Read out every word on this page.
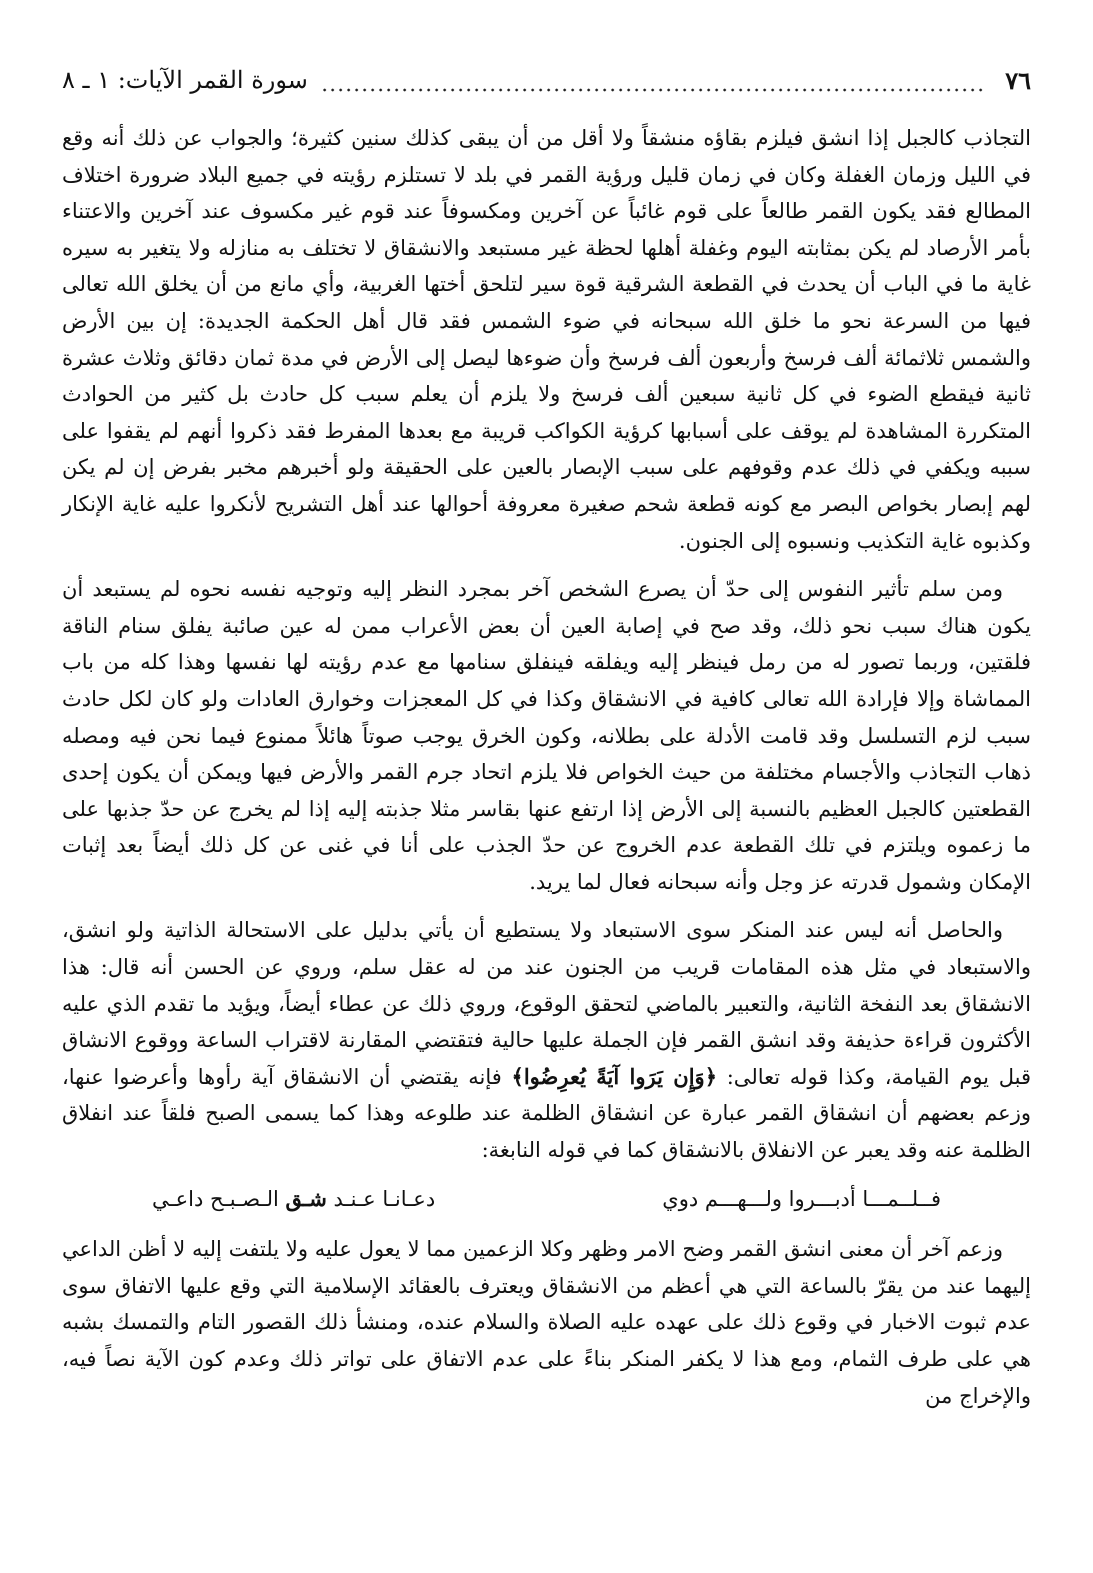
٧٦
سورة القمر الآيات: ١ ـ ٨

التجاذب كالجبل إذا انشق فيلزم بقاؤه منشقاً ولا أقل من أن يبقى كذلك سنين كثيرة؛ والجواب عن ذلك أنه وقع في الليل وزمان الغفلة وكان في زمان قليل ورؤية القمر في بلد لا تستلزم رؤيته في جميع البلاد ضرورة اختلاف المطالع فقد يكون القمر طالعاً على قوم غائباً عن آخرين ومكسوفاً عند قوم غير مكسوف عند آخرين والاعتناء بأمر الأرصاد لم يكن بمثابته اليوم وغفلة أهلها لحظة غير مستبعد والانشقاق لا تختلف به منازله ولا يتغير به سيره غاية ما في الباب أن يحدث في القطعة الشرقية قوة سير لتلحق أختها الغربية، وأي مانع من أن يخلق الله تعالى فيها من السرعة نحو ما خلق الله سبحانه في ضوء الشمس فقد قال أهل الحكمة الجديدة: إن بين الأرض والشمس ثلاثمائة ألف فرسخ وأربعون ألف فرسخ وأن ضوءها ليصل إلى الأرض في مدة ثمان دقائق وثلاث عشرة ثانية فيقطع الضوء في كل ثانية سبعين ألف فرسخ ولا يلزم أن يعلم سبب كل حادث بل كثير من الحوادث المتكررة المشاهدة لم يوقف على أسبابها كرؤية الكواكب قريبة مع بعدها المفرط فقد ذكروا أنهم لم يقفوا على سببه ويكفي في ذلك عدم وقوفهم على سبب الإبصار بالعين على الحقيقة ولو أخبرهم مخبر بفرض إن لم يكن لهم إبصار بخواص البصر مع كونه قطعة شحم صغيرة معروفة أحوالها عند أهل التشريح لأنكروا عليه غاية الإنكار وكذبوه غاية التكذيب ونسبوه إلى الجنون.

ومن سلم تأثير النفوس إلى حدّ أن يصرع الشخص آخر بمجرد النظر إليه وتوجيه نفسه نحوه لم يستبعد أن يكون هناك سبب نحو ذلك، وقد صح في إصابة العين أن بعض الأعراب ممن له عين صائبة يفلق سنام الناقة فلقتين، وربما تصور له من رمل فينظر إليه ويفلقه فينفلق سنامها مع عدم رؤيته لها نفسها وهذا كله من باب المماشاة وإلا فإرادة الله تعالى كافية في الانشقاق وكذا في كل المعجزات وخوارق العادات ولو كان لكل حادث سبب لزم التسلسل وقد قامت الأدلة على بطلانه، وكون الخرق يوجب صوتاً هائلاً ممنوع فيما نحن فيه ومصله ذهاب التجاذب والأجسام مختلفة من حيث الخواص فلا يلزم اتحاد جرم القمر والأرض فيها ويمكن أن يكون إحدى القطعتين كالجبل العظيم بالنسبة إلى الأرض إذا ارتفع عنها بقاسر مثلا جذبته إليه إذا لم يخرج عن حدّ جذبها على ما زعموه ويلتزم في تلك القطعة عدم الخروج عن حدّ الجذب على أنا في غنى عن كل ذلك أيضاً بعد إثبات الإمكان وشمول قدرته عز وجل وأنه سبحانه فعال لما يريد.

والحاصل أنه ليس عند المنكر سوى الاستبعاد ولا يستطيع أن يأتي بدليل على الاستحالة الذاتية ولو انشق، والاستبعاد في مثل هذه المقامات قريب من الجنون عند من له عقل سلم، وروي عن الحسن أنه قال: هذا الانشقاق بعد النفخة الثانية، والتعبير بالماضي لتحقق الوقوع، وروي ذلك عن عطاء أيضاً، ويؤيد ما تقدم الذي عليه الأكثرون قراءة حذيفة وقد انشق القمر فإن الجملة عليها حالية فتقتضي المقارنة لاقتراب الساعة ووقوع الانشاق قبل يوم القيامة، وكذا قوله تعالى: ﴿وَإِن يَرَوا آيَةً يُعرِضُوا﴾ فإنه يقتضي أن الانشقاق آية رأوها وأعرضوا عنها، وزعم بعضهم أن انشقاق القمر عبارة عن انشقاق الظلمة عند طلوعه وهذا كما يسمى الصبح فلقاً عند انفلاق الظلمة عنه وقد يعبر عن الانفلاق بالانشقاق كما في قوله النابغة:

فــلــمـــا أدبـــروا ولـــهـــم دوي
دعـانـا عـنـد شـق الـصـبـح داعـي

وزعم آخر أن معنى انشق القمر وضح الامر وظهر وكلا الزعمين مما لا يعول عليه ولا يلتفت إليه لا أظن الداعي إليهما عند من يقرّ بالساعة التي هي أعظم من الانشقاق ويعترف بالعقائد الإسلامية التي وقع عليها الاتفاق سوى عدم ثبوت الاخبار في وقوع ذلك على عهده عليه الصلاة والسلام عنده، ومنشأ ذلك القصور التام والتمسك بشبه هي على طرف الثمام، ومع هذا لا يكفر المنكر بناءً على عدم الاتفاق على تواتر ذلك وعدم كون الآية نصاً فيه، والإخراج من
